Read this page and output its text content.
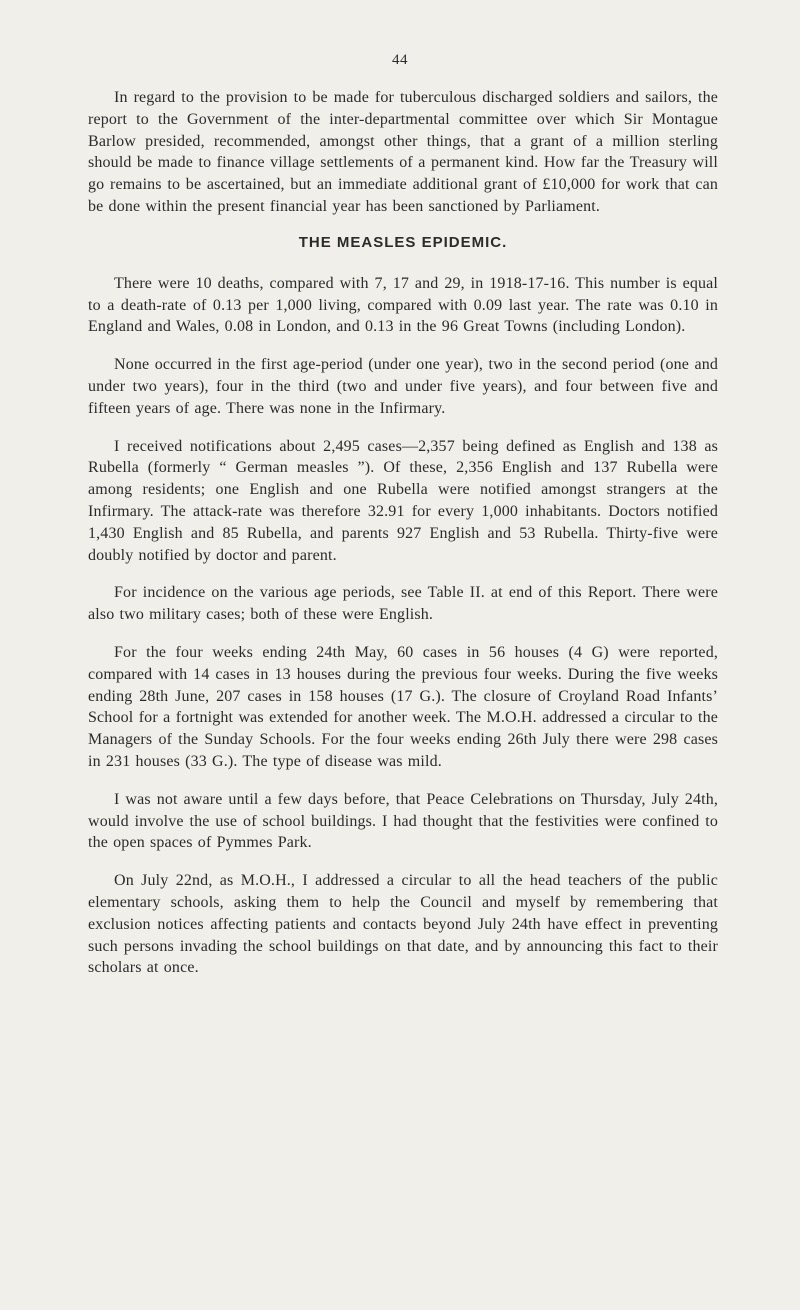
44

In regard to the provision to be made for tuberculous discharged soldiers and sailors, the report to the Government of the inter-departmental committee over which Sir Montague Barlow presided, recommended, amongst other things, that a grant of a million sterling should be made to finance village settlements of a permanent kind. How far the Treasury will go remains to be ascertained, but an immediate additional grant of £10,000 for work that can be done within the present financial year has been sanctioned by Parliament.

THE MEASLES EPIDEMIC.

There were 10 deaths, compared with 7, 17 and 29, in 1918-17-16. This number is equal to a death-rate of 0.13 per 1,000 living, compared with 0.09 last year. The rate was 0.10 in England and Wales, 0.08 in London, and 0.13 in the 96 Great Towns (including London).

None occurred in the first age-period (under one year), two in the second period (one and under two years), four in the third (two and under five years), and four between five and fifteen years of age. There was none in the Infirmary.

I received notifications about 2,495 cases—2,357 being defined as English and 138 as Rubella (formerly “ German measles ”). Of these, 2,356 English and 137 Rubella were among residents; one English and one Rubella were notified amongst strangers at the Infirmary. The attack-rate was therefore 32.91 for every 1,000 inhabitants. Doctors notified 1,430 English and 85 Rubella, and parents 927 English and 53 Rubella. Thirty-five were doubly notified by doctor and parent.

For incidence on the various age periods, see Table II. at end of this Report. There were also two military cases; both of these were English.

For the four weeks ending 24th May, 60 cases in 56 houses (4 G) were reported, compared with 14 cases in 13 houses during the previous four weeks. During the five weeks ending 28th June, 207 cases in 158 houses (17 G.). The closure of Croyland Road Infants’ School for a fortnight was extended for another week. The M.O.H. addressed a circular to the Managers of the Sunday Schools. For the four weeks ending 26th July there were 298 cases in 231 houses (33 G.). The type of disease was mild.

I was not aware until a few days before, that Peace Celebrations on Thursday, July 24th, would involve the use of school buildings. I had thought that the festivities were confined to the open spaces of Pymmes Park.

On July 22nd, as M.O.H., I addressed a circular to all the head teachers of the public elementary schools, asking them to help the Council and myself by remembering that exclusion notices affecting patients and contacts beyond July 24th have effect in preventing such persons invading the school buildings on that date, and by announcing this fact to their scholars at once.
